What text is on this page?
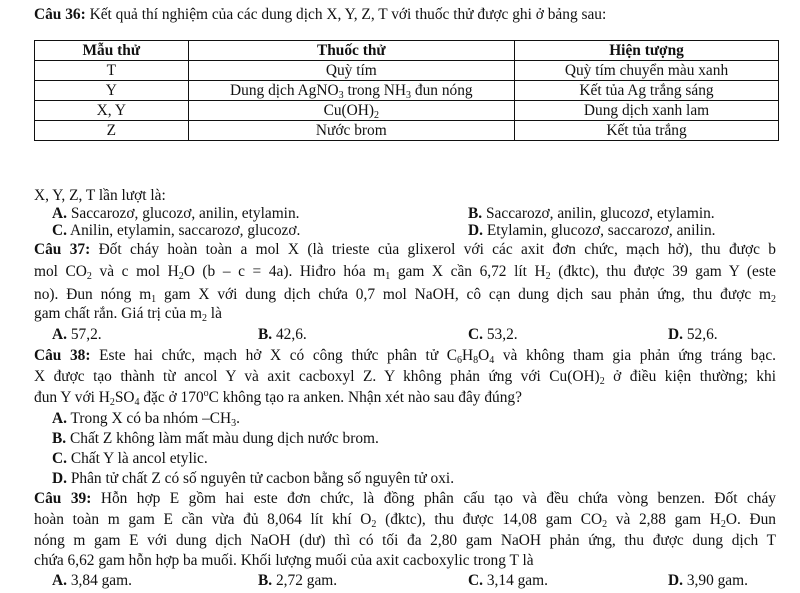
Câu 36: Kết quả thí nghiệm của các dung dịch X, Y, Z, T với thuốc thử được ghi ở bảng sau:
Mẫu thử	Thuốc thử	Hiện tượng
T	Quỳ tím	Quỳ tím chuyển màu xanh
Y	Dung dịch AgNO$_3$ trong $NH_3$ đun nóng	Kết tủa Ag trắng sáng
X, Y	$Cu(OH)_2$	Dung dịch xanh lam
Z	Nước brom	Kết tủa trắng
X, Y, Z, T lần lượt là:
A. Saccarozơ, glucozơ, anilin, etylamin.	B. Saccarozơ, anilin, glucozơ, etylamin.
C. Anilin, etylamin, saccarozơ, glucozơ.	D. Etylamin, glucozơ, saccarozơ, anilin.
Câu 37: Đốt cháy hoàn toàn a mol X (là trieste của glixerol với các axit đơn chức, mạch hở), thu được b
mol $CO_2$ và c mol $H_2O$ (b – c = 4a). Hiđro hóa $m_1$ gam X cần 6,72 lít $H_2$ (đktc), thu được 39 gam Y (este
no). Đun nóng $m_1$ gam X với dung dịch chứa 0,7 mol NaOH, cô cạn dung dịch sau phản ứng, thu được $m_2$
gam chất rắn. Giá trị của $m_2$ là
A. 57,2.	B. 42,6.	C. 53,2.	D. 52,6.
Câu 38: Este hai chức, mạch hở X có công thức phân tử $C_6H_8O_4$ và không tham gia phản ứng tráng bạc.
X được tạo thành từ ancol Y và axit cacboxyl Z. Y không phản ứng với $Cu(OH)_2$ ở điều kiện thường; khi
đun Y với $H_2SO_4$ đặc ở 170$^o$C không tạo ra anken. Nhận xét nào sau đây đúng?
A. Trong X có ba nhóm $-CH_3$.
B. Chất Z không làm mất màu dung dịch nước brom.
C. Chất Y là ancol etylic.
D. Phân tử chất Z có số nguyên tử cacbon bằng số nguyên tử oxi.
Câu 39: Hỗn hợp E gồm hai este đơn chức, là đồng phân cấu tạo và đều chứa vòng benzen. Đốt cháy
hoàn toàn m gam E cần vừa đủ 8,064 lít khí $O_2$ (đktc), thu được 14,08 gam $CO_2$ và 2,88 gam $H_2O$. Đun
nóng m gam E với dung dịch NaOH (dư) thì có tối đa 2,80 gam NaOH phản ứng, thu được dung dịch T
chứa 6,62 gam hỗn hợp ba muối. Khối lượng muối của axit cacboxylic trong T là
A. 3,84 gam.	B. 2,72 gam.	C. 3,14 gam.	D. 3,90 gam.
